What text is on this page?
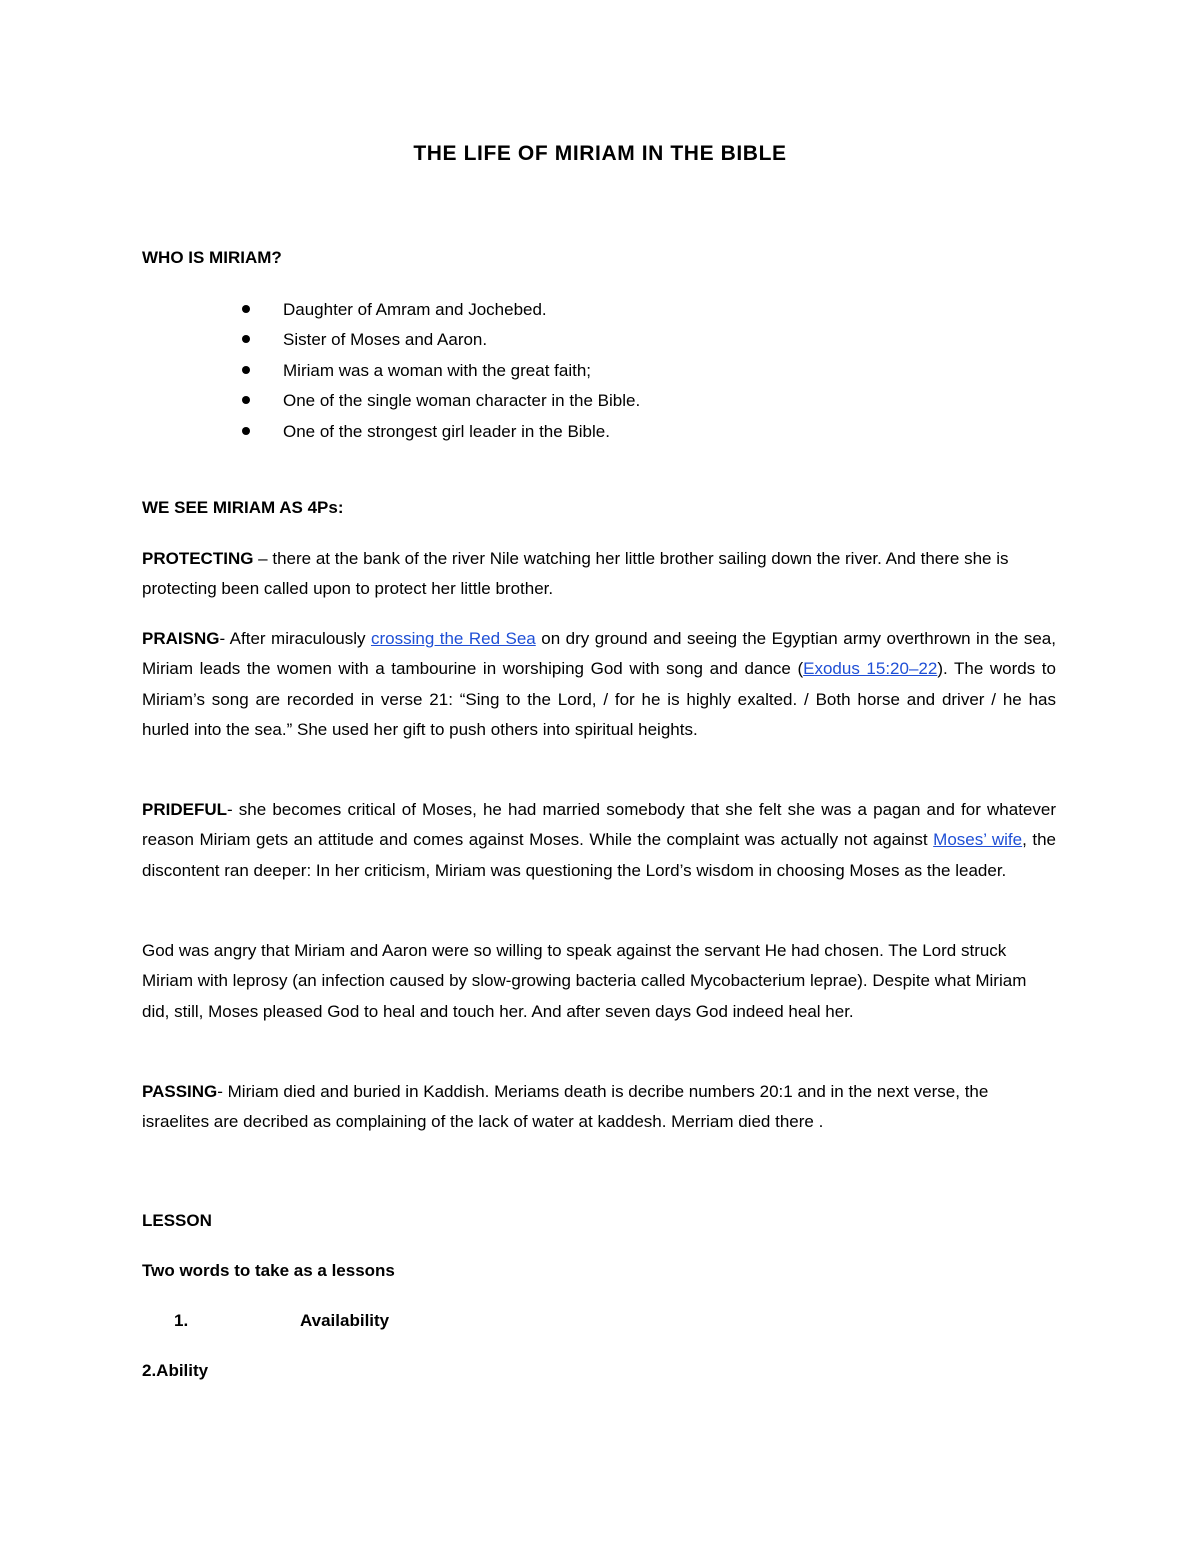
THE LIFE OF MIRIAM IN THE BIBLE
WHO IS MIRIAM?
Daughter of Amram and Jochebed.
Sister of Moses and Aaron.
Miriam was a woman with the great faith;
One of the single woman character in the Bible.
One of the strongest girl leader in the Bible.
WE SEE MIRIAM AS 4Ps:

PROTECTING – there at the bank of the river Nile watching her little brother sailing down the river. And there she is protecting been called upon to protect her little brother.

PRAISNG- After miraculously crossing the Red Sea on dry ground and seeing the Egyptian army overthrown in the sea, Miriam leads the women with a tambourine in worshiping God with song and dance (Exodus 15:20–22). The words to Miriam’s song are recorded in verse 21: “Sing to the Lord, / for he is highly exalted. / Both horse and driver / he has hurled into the sea.” She used her gift to push others into spiritual heights.

PRIDEFUL- she becomes critical of Moses, he had married somebody that she felt she was a pagan and for whatever reason Miriam gets an attitude and comes against Moses. While the complaint was actually not against Moses’ wife, the discontent ran deeper: In her criticism, Miriam was questioning the Lord’s wisdom in choosing Moses as the leader.

God was angry that Miriam and Aaron were so willing to speak against the servant He had chosen. The Lord struck Miriam with leprosy (an infection caused by slow-growing bacteria called Mycobacterium leprae). Despite what Miriam did, still, Moses pleased God to heal and touch her. And after seven days God indeed heal her.

PASSING- Miriam died and buried in Kaddish. Meriams death is decribe numbers 20:1 and in the next verse, the israelites are decribed as complaining of the lack of water at kaddesh. Merriam died there .

LESSON
Two words to take as a lessons
1.	Availability
2.Ability
